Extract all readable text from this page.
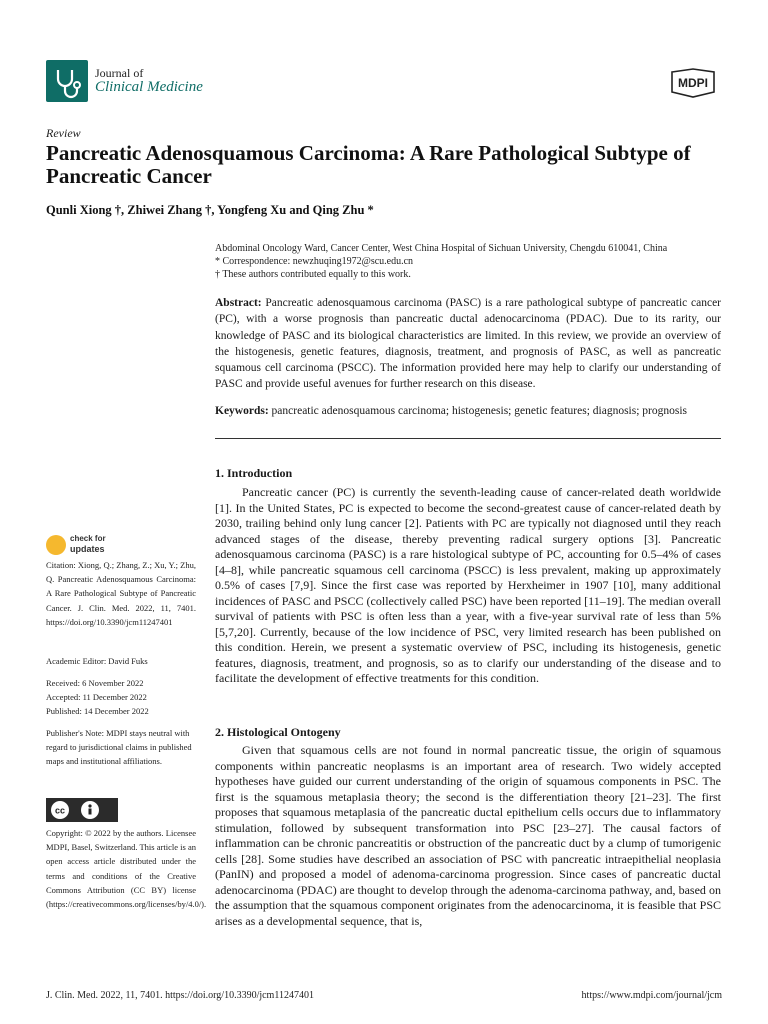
Journal of
Clinical Medicine	MDPI
Review
Pancreatic Adenosquamous Carcinoma: A Rare Pathological Subtype of Pancreatic Cancer
Qunli Xiong †, Zhiwei Zhang †, Yongfeng Xu and Qing Zhu *
Abdominal Oncology Ward, Cancer Center, West China Hospital of Sichuan University, Chengdu 610041, China
* Correspondence: newzhuqing1972@scu.edu.cn
† These authors contributed equally to this work.
Abstract: Pancreatic adenosquamous carcinoma (PASC) is a rare pathological subtype of pancreatic cancer (PC), with a worse prognosis than pancreatic ductal adenocarcinoma (PDAC). Due to its rarity, our knowledge of PASC and its biological characteristics are limited. In this review, we provide an overview of the histogenesis, genetic features, diagnosis, treatment, and prognosis of PASC, as well as pancreatic squamous cell carcinoma (PSCC). The information provided here may help to clarify our understanding of PASC and provide useful avenues for further research on this disease.
Keywords: pancreatic adenosquamous carcinoma; histogenesis; genetic features; diagnosis; prognosis
1. Introduction

Pancreatic cancer (PC) is currently the seventh-leading cause of cancer-related death worldwide [1]. In the United States, PC is expected to become the second-greatest cause of cancer-related death by 2030, trailing behind only lung cancer [2]. Patients with PC are typically not diagnosed until they reach advanced stages of the disease, thereby preventing radical surgery options [3]. Pancreatic adenosquamous carcinoma (PASC) is a rare histological subtype of PC, accounting for 0.5–4% of cases [4–8], while pancreatic squamous cell carcinoma (PSCC) is less prevalent, making up approximately 0.5% of cases [7,9]. Since the first case was reported by Herxheimer in 1907 [10], many additional incidences of PASC and PSCC (collectively called PSC) have been reported [11–19]. The median overall survival of patients with PSC is often less than a year, with a five-year survival rate of less than 5% [5,7,20]. Currently, because of the low incidence of PSC, very limited research has been published on this condition. Herein, we present a systematic overview of PSC, including its histogenesis, genetic features, diagnosis, treatment, and prognosis, so as to clarify our understanding of the disease and to facilitate the development of effective treatments for this condition.

2. Histological Ontogeny

Given that squamous cells are not found in normal pancreatic tissue, the origin of squamous components within pancreatic neoplasms is an important area of research. Two widely accepted hypotheses have guided our current understanding of the origin of squamous components in PSC. The first is the squamous metaplasia theory; the second is the differentiation theory [21–23]. The first proposes that squamous metaplasia of the pancreatic ductal epithelium cells occurs due to inflammatory stimulation, followed by subsequent transformation into PSC [23–27]. The causal factors of inflammation can be chronic pancreatitis or obstruction of the pancreatic duct by a clump of tumorigenic cells [28]. Some studies have described an association of PSC with pancreatic intraepithelial neoplasia (PanIN) and proposed a model of adenoma-carcinoma progression. Since cases of pancreatic ductal adenocarcinoma (PDAC) are thought to develop through the adenoma-carcinoma pathway, and, based on the assumption that the squamous component originates from the adenocarcinoma, it is feasible that PSC arises as a developmental sequence, that is,

check for
updates
Citation: Xiong, Q.; Zhang, Z.; Xu, Y.; Zhu, Q. Pancreatic Adenosquamous Carcinoma: A Rare Pathological Subtype of Pancreatic Cancer. J. Clin. Med. 2022, 11, 7401. https://doi.org/10.3390/jcm11247401
Academic Editor: David Fuks
Received: 6 November 2022
Accepted: 11 December 2022
Published: 14 December 2022
Publisher's Note: MDPI stays neutral with regard to jurisdictional claims in published maps and institutional affiliations.
cc
Copyright: © 2022 by the authors. Licensee MDPI, Basel, Switzerland. This article is an open access article distributed under the terms and conditions of the Creative Commons Attribution (CC BY) license (https://creativecommons.org/licenses/by/4.0/).
J. Clin. Med. 2022, 11, 7401. https://doi.org/10.3390/jcm11247401	https://www.mdpi.com/journal/jcm
